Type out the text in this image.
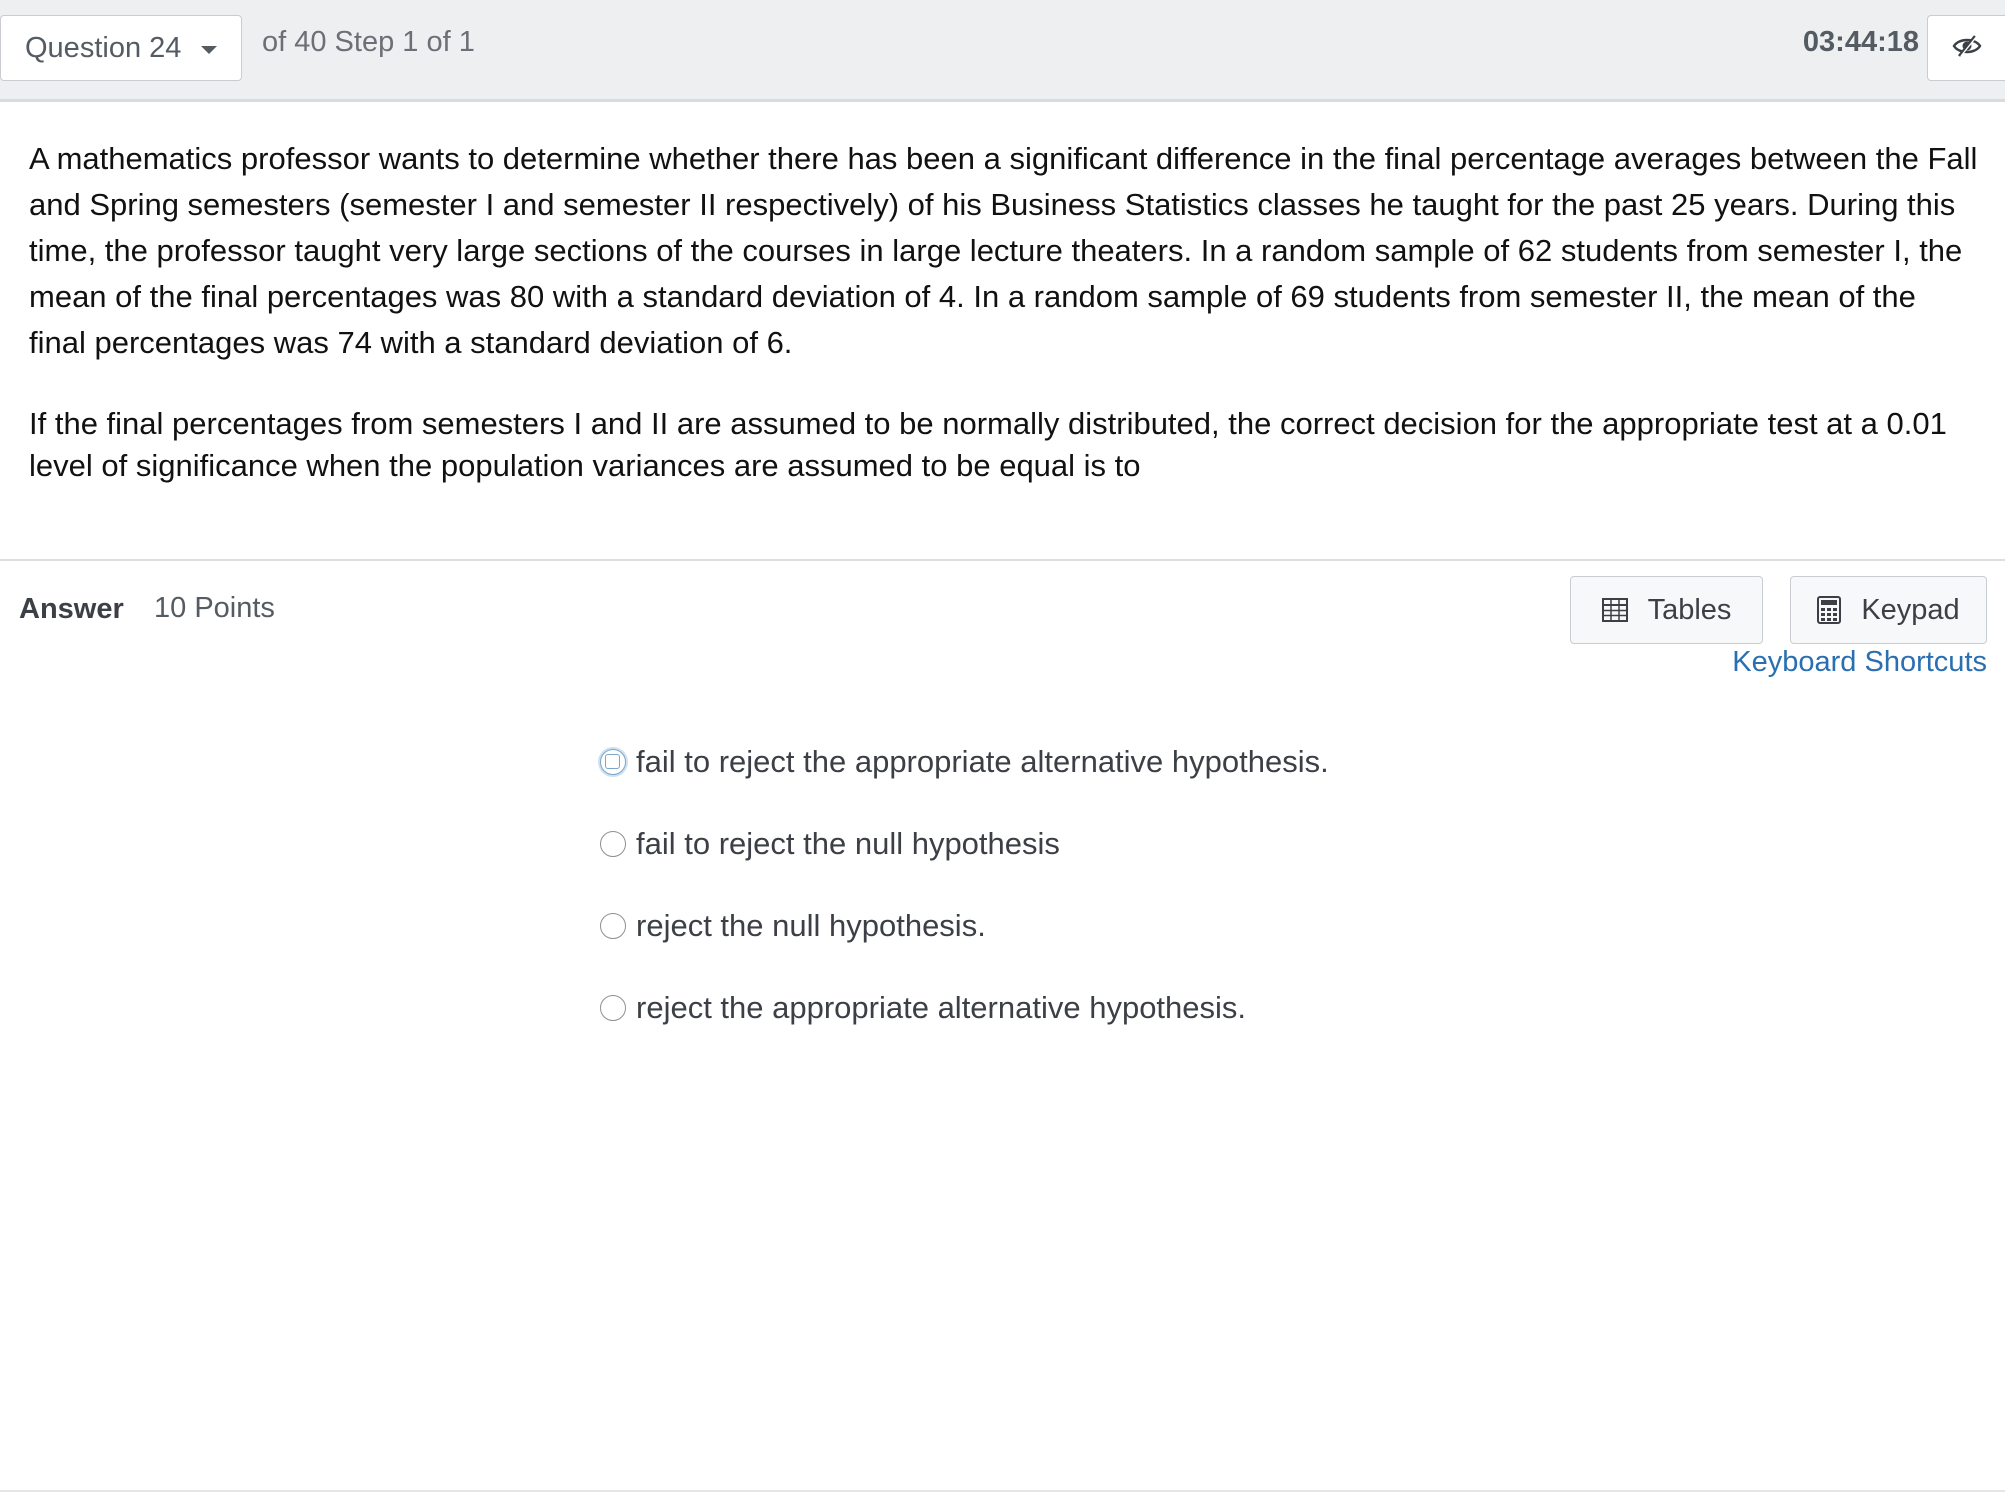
Question 24	of 40 Step 1 of 1	03:44:18

A mathematics professor wants to determine whether there has been a significant difference in the final percentage averages between the Fall and Spring semesters (semester I and semester II respectively) of his Business Statistics classes he taught for the past 25 years. During this time, the professor taught very large sections of the courses in large lecture theaters. In a random sample of 62 students from semester I, the mean of the final percentages was 80 with a standard deviation of 4. In a random sample of 69 students from semester II, the mean of the final percentages was 74 with a standard deviation of 6.

If the final percentages from semesters I and II are assumed to be normally distributed, the correct decision for the appropriate test at a 0.01 level of significance when the population variances are assumed to be equal is to

Answer 10 Points	Tables	Keypad
Keyboard Shortcuts
fail to reject the appropriate alternative hypothesis.
fail to reject the null hypothesis
reject the null hypothesis.
reject the appropriate alternative hypothesis.
